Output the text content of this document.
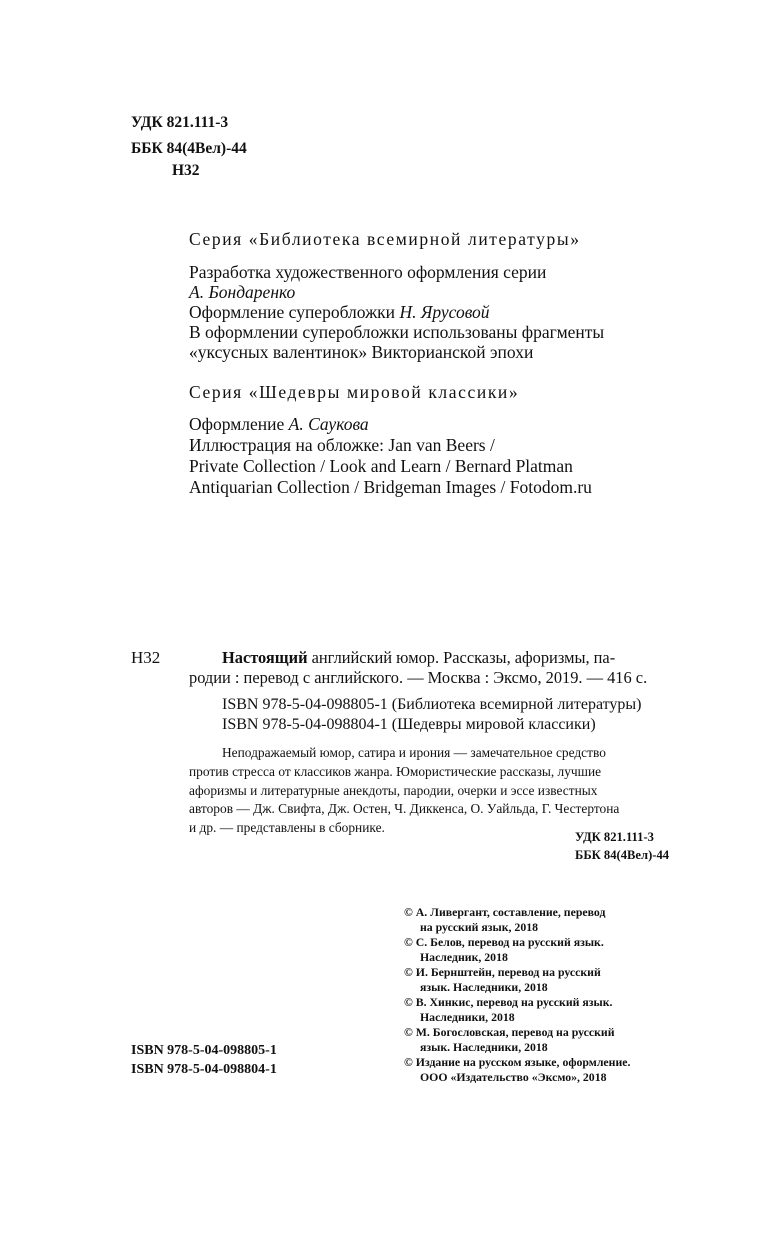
УДК 821.111-3
ББК 84(4Вел)-44
Н32
Серия «Библиотека всемирной литературы»
Разработка художественного оформления серии
А. Бондаренко
Оформление суперобложки Н. Ярусовой
В оформлении суперобложки использованы фрагменты
«уксусных валентинок» Викторианской эпохи
Серия «Шедевры мировой классики»
Оформление А. Саукова
Иллюстрация на обложке: Jan van Beers /
Private Collection / Look and Learn / Bernard Platman
Antiquarian Collection / Bridgeman Images / Fotodom.ru
Н32	Настоящий английский юмор. Рассказы, афоризмы, па-
родии : перевод с английского. — Москва : Эксмо, 2019. — 416 с.
ISBN 978-5-04-098805-1 (Библиотека всемирной литературы)
ISBN 978-5-04-098804-1 (Шедевры мировой классики)
Неподражаемый юмор, сатира и ирония — замечательное средство
против стресса от классиков жанра. Юмористические рассказы, лучшие
афоризмы и литературные анекдоты, пародии, очерки и эссе известных
авторов — Дж. Свифта, Дж. Остен, Ч. Диккенса, О. Уайльда, Г. Честертона
и др. — представлены в сборнике.
УДК 821.111-3
ББК 84(4Вел)-44
© А. Ливергант, составление, перевод
на русский язык, 2018
© С. Белов, перевод на русский язык.
Наследник, 2018
© И. Бернштейн, перевод на русский
язык. Наследники, 2018
© В. Хинкис, перевод на русский язык.
Наследники, 2018
© М. Богословская, перевод на русский
язык. Наследники, 2018
© Издание на русском языке, оформление.
ООО «Издательство «Эксмо», 2018
ISBN 978-5-04-098805-1
ISBN 978-5-04-098804-1
